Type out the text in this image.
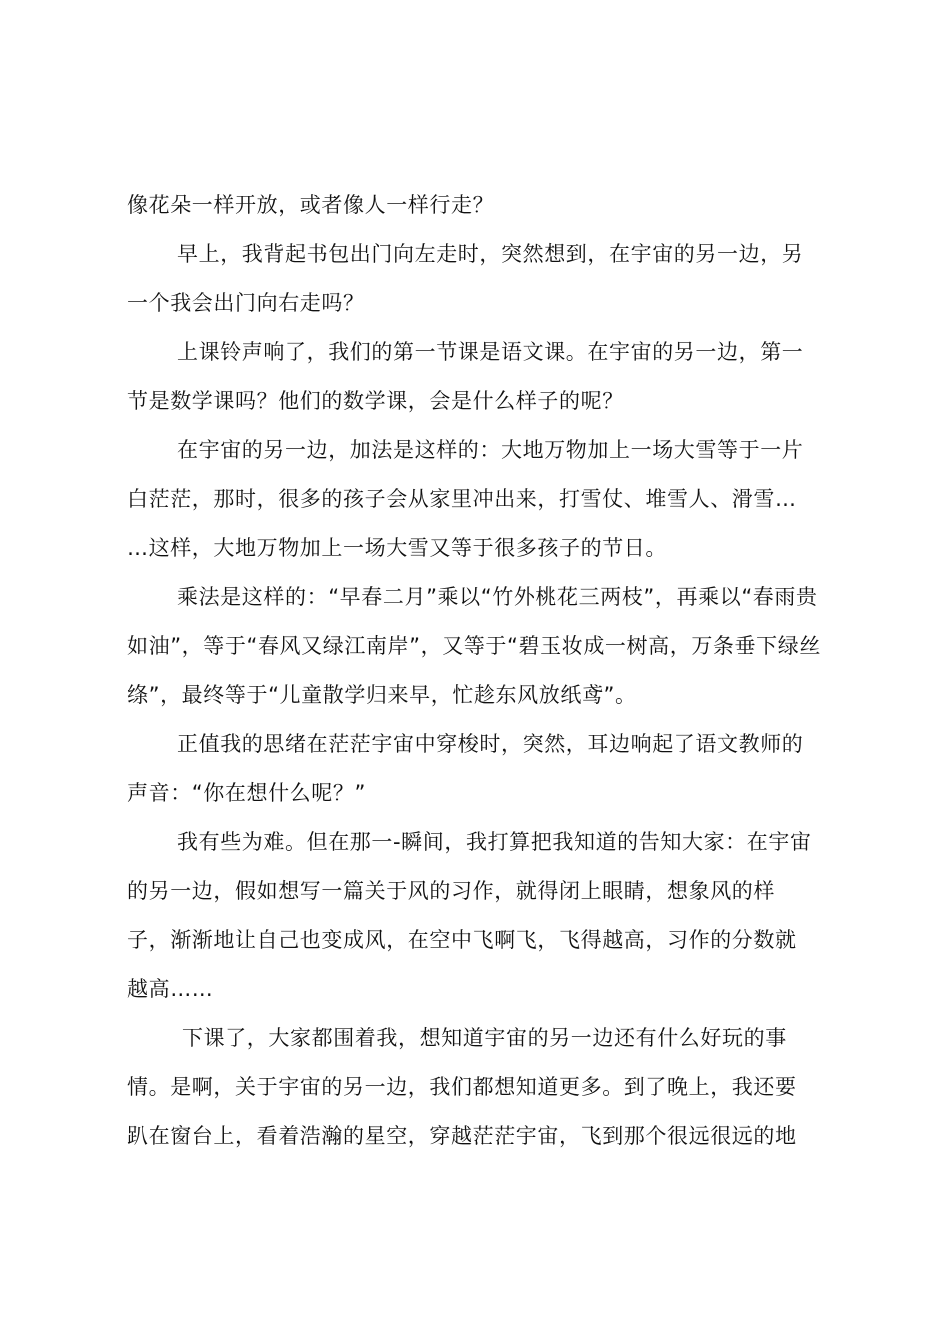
像花朵一样开放，或者像人一样行走？
早上，我背起书包出门向左走时，突然想到，在宇宙的另一边，另
一个我会出门向右走吗？
上课铃声响了，我们的第一节课是语文课。在宇宙的另一边，第一
节是数学课吗？他们的数学课，会是什么样子的呢？
在宇宙的另一边，加法是这样的：大地万物加上一场大雪等于一片
白茫茫，那时，很多的孩子会从家里冲出来，打雪仗、堆雪人、滑雪…
…这样，大地万物加上一场大雪又等于很多孩子的节日。
乘法是这样的：“早春二月”乘以“竹外桃花三两枝”，再乘以“春雨贵
如油”，等于“春风又绿江南岸”，又等于“碧玉妆成一树高，万条垂下绿丝
绦”，最终等于“儿童散学归来早，忙趁东风放纸鸢”。
正值我的思绪在茫茫宇宙中穿梭时，突然，耳边响起了语文教师的
声音：“你在想什么呢？”
我有些为难。但在那一-瞬间，我打算把我知道的告知大家：在宇宙
的另一边，假如想写一篇关于风的习作，就得闭上眼睛，想象风的样
子，渐渐地让自己也变成风，在空中飞啊飞，飞得越高，习作的分数就
越高……
下课了，大家都围着我，想知道宇宙的另一边还有什么好玩的事
情。是啊，关于宇宙的另一边，我们都想知道更多。到了晚上，我还要
趴在窗台上，看着浩瀚的星空，穿越茫茫宇宙，飞到那个很远很远的地
